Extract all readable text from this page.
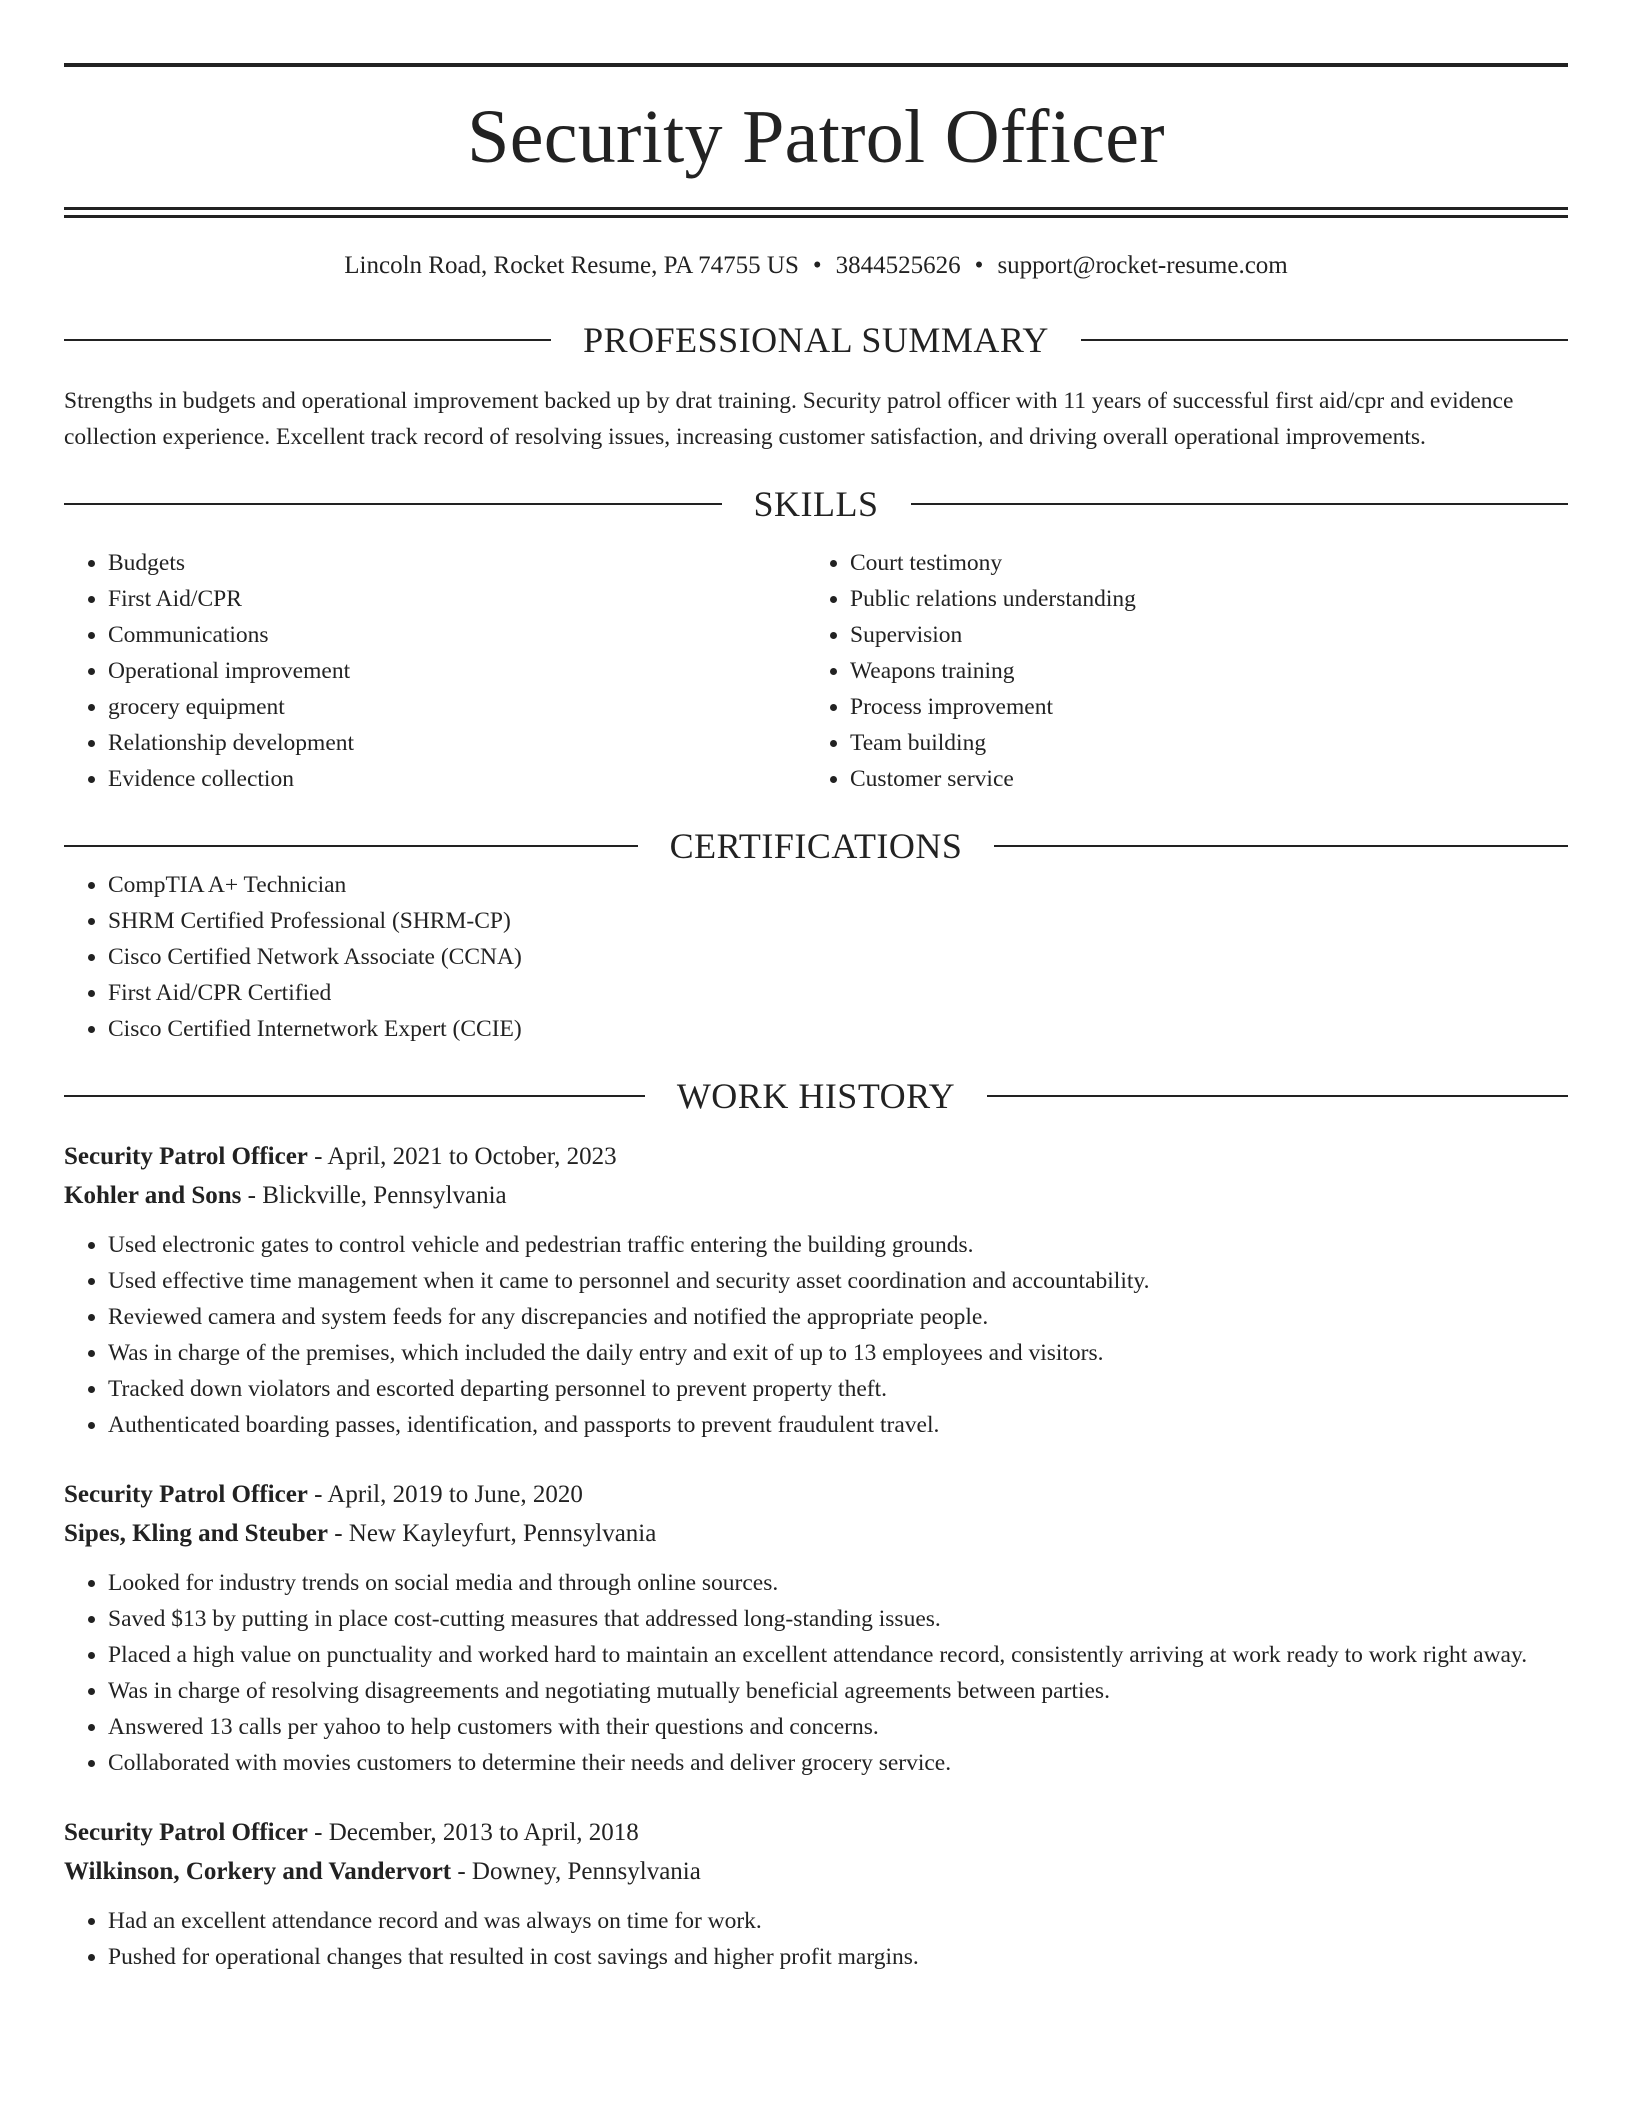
Security Patrol Officer
Lincoln Road, Rocket Resume, PA 74755 US • 3844525626 • support@rocket-resume.com
PROFESSIONAL SUMMARY

Strengths in budgets and operational improvement backed up by drat training. Security patrol officer with 11 years of successful first aid/cpr and evidence collection experience. Excellent track record of resolving issues, increasing customer satisfaction, and driving overall operational improvements.

SKILLS
• Budgets
• First Aid/CPR
• Communications
• Operational improvement
• grocery equipment
• Relationship development
• Evidence collection
• Court testimony
• Public relations understanding
• Supervision
• Weapons training
• Process improvement
• Team building
• Customer service
CERTIFICATIONS
• CompTIA A+ Technician
• SHRM Certified Professional (SHRM-CP)
• Cisco Certified Network Associate (CCNA)
• First Aid/CPR Certified
• Cisco Certified Internetwork Expert (CCIE)
WORK HISTORY
Security Patrol Officer - April, 2021 to October, 2023
Kohler and Sons - Blickville, Pennsylvania
• Used electronic gates to control vehicle and pedestrian traffic entering the building grounds.
• Used effective time management when it came to personnel and security asset coordination and accountability.
• Reviewed camera and system feeds for any discrepancies and notified the appropriate people.
• Was in charge of the premises, which included the daily entry and exit of up to 13 employees and visitors.
• Tracked down violators and escorted departing personnel to prevent property theft.
• Authenticated boarding passes, identification, and passports to prevent fraudulent travel.
Security Patrol Officer - April, 2019 to June, 2020
Sipes, Kling and Steuber - New Kayleyfurt, Pennsylvania
• Looked for industry trends on social media and through online sources.
• Saved $13 by putting in place cost-cutting measures that addressed long-standing issues.
• Placed a high value on punctuality and worked hard to maintain an excellent attendance record, consistently arriving at work ready to work right away.
• Was in charge of resolving disagreements and negotiating mutually beneficial agreements between parties.
• Answered 13 calls per yahoo to help customers with their questions and concerns.
• Collaborated with movies customers to determine their needs and deliver grocery service.
Security Patrol Officer - December, 2013 to April, 2018
Wilkinson, Corkery and Vandervort - Downey, Pennsylvania
• Had an excellent attendance record and was always on time for work.
• Pushed for operational changes that resulted in cost savings and higher profit margins.
